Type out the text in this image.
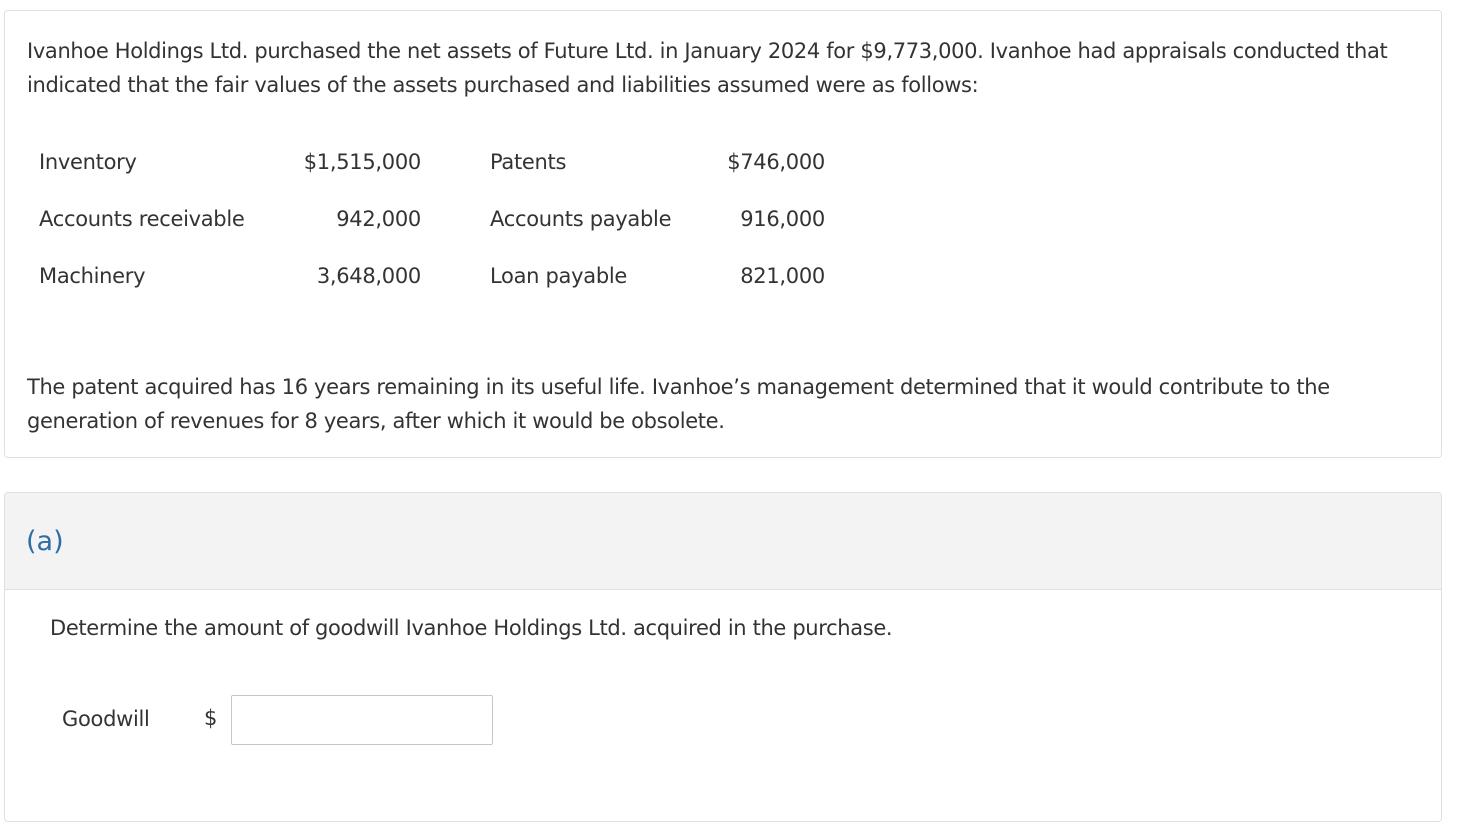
Ivanhoe Holdings Ltd. purchased the net assets of Future Ltd. in January 2024 for $9,773,000. Ivanhoe had appraisals conducted that indicated that the fair values of the assets purchased and liabilities assumed were as follows:

Inventory	$1,515,000	Patents	$746,000
Accounts receivable	942,000	Accounts payable	916,000
Machinery	3,648,000	Loan payable	821,000

The patent acquired has 16 years remaining in its useful life. Ivanhoe’s management determined that it would contribute to the generation of revenues for 8 years, after which it would be obsolete.

(a)
Determine the amount of goodwill Ivanhoe Holdings Ltd. acquired in the purchase.
Goodwill	$
